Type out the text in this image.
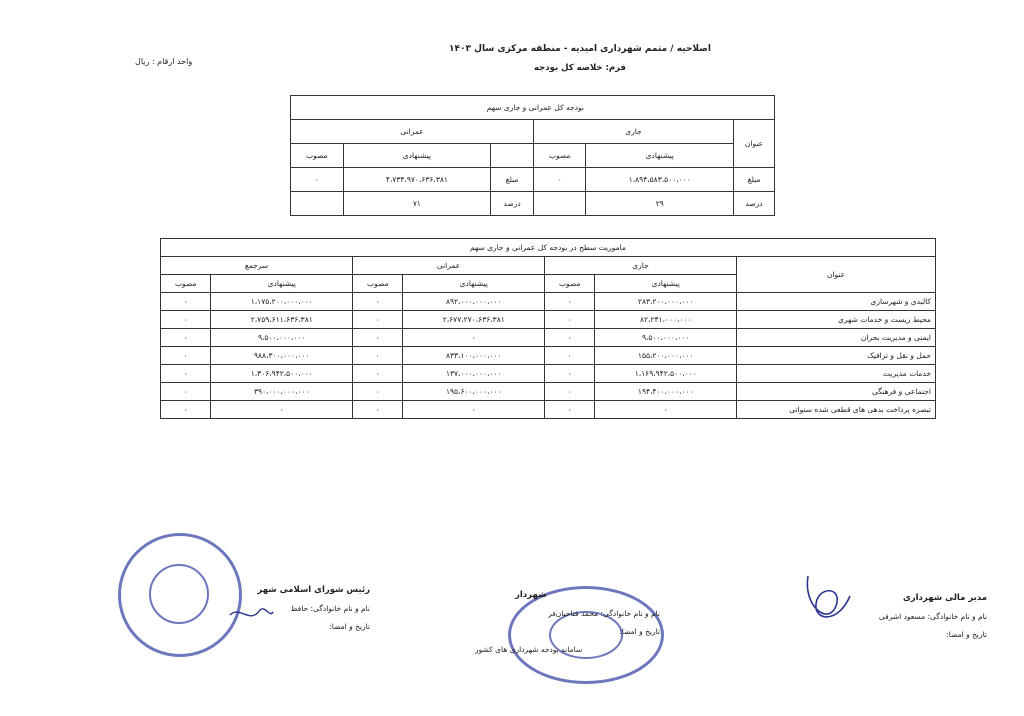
اصلاحیه / متمم شهرداری امیدیه - منطقه مرکزی سال ۱۴۰۳
فرم: خلاصه کل بودجه
واحد ارقام : ریال
بودجه کل عمرانی و جاری سهم					
عنوان	جاری		عمرانی		
	پیشنهادی	مصوب		پیشنهادی	مصوب
مبلغ	۱،۸۹۴،۵۸۳،۵۰۰،۰۰۰	۰	مبلغ	۴،۷۳۴،۹۷۰،۶۳۶،۳۸۱	۰
درصد	۲۹		درصد	۷۱	
ماموریت سطح در بودجه کل عمرانی و جاری سهم						
عنوان	جاری		عمرانی		سرجمع	
	پیشنهادی	مصوب	پیشنهادی	مصوب	پیشنهادی	مصوب
کالبدی و شهرسازی	۲۸۳،۲۰۰،۰۰۰،۰۰۰	۰	۸۹۲،۰۰۰،۰۰۰،۰۰۰	۰	۱،۱۷۵،۲۰۰،۰۰۰،۰۰۰	۰
محیط زیست و خدمات شهری	۸۲،۲۴۱،۰۰۰،۰۰۰	۰	۲،۶۷۷،۲۷۰،۶۳۶،۳۸۱	۰	۲،۷۵۹،۶۱۱،۶۳۶،۳۸۱	۰
ایمنی و مدیریت بحران	۹،۵۰۰،۰۰۰،۰۰۰	۰	۰	۰	۹،۵۰۰،۰۰۰،۰۰۰	۰
حمل و نقل و ترافیک	۱۵۵،۲۰۰،۰۰۰،۰۰۰	۰	۸۳۳،۱۰۰،۰۰۰،۰۰۰	۰	۹۸۸،۳۰۰،۰۰۰،۰۰۰	۰
خدمات مدیریت	۱،۱۶۹،۹۴۲،۵۰۰،۰۰۰	۰	۱۳۷،۰۰۰،۰۰۰،۰۰۰	۰	۱،۳۰۶،۹۴۲،۵۰۰،۰۰۰	۰
اجتماعی و فرهنگی	۱۹۴،۴۰۰،۰۰۰،۰۰۰	۰	۱۹۵،۶۰۰،۰۰۰،۰۰۰	۰	۳۹۰،۰۰۰،۰۰۰،۰۰۰	۰
تبصره پرداخت بدهی های قطعی شده سنواتی	۰	۰	۰	۰	۰	۰
مدیر مالی شهرداری
نام و نام خانوادگی: مسعود اشرفی
تاریخ و امضا:
شهردار
نام و نام خانوادگی: محمد فتاحیان‌فر
تاریخ و امضا:
سامانه بودجه شهرداری های کشور
رئیس شورای اسلامی شهر
نام و نام خانوادگی: حافظ
تاریخ و امضا:
